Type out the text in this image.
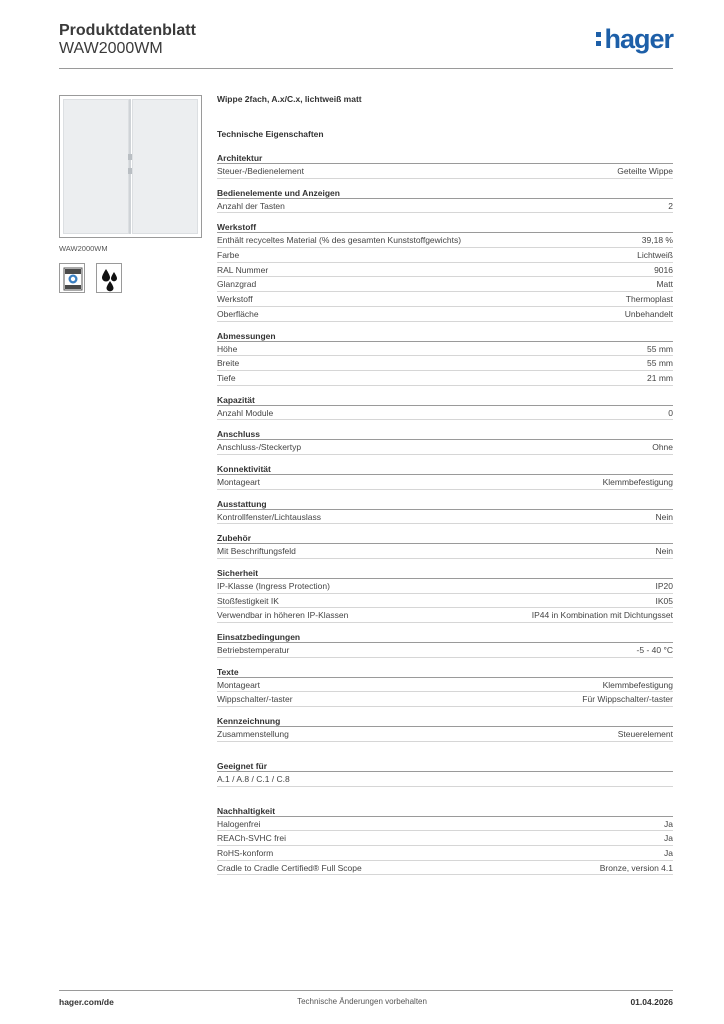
Produktdatenblatt
WAW2000WM	hager
WAW2000WM
Wippe 2fach, A.x/C.x, lichtweiß matt
Technische Eigenschaften
Architektur
Steuer-/Bedienelement	Geteilte Wippe
Bedienelemente und Anzeigen
Anzahl der Tasten	2
Werkstoff
Enthält recyceltes Material (% des gesamten Kunststoffgewichts)	39,18 %
Farbe	Lichtweiß
RAL Nummer	9016
Glanzgrad	Matt
Werkstoff	Thermoplast
Oberfläche	Unbehandelt
Abmessungen
Höhe	55 mm
Breite	55 mm
Tiefe	21 mm
Kapazität
Anzahl Module	0
Anschluss
Anschluss-/Steckertyp	Ohne
Konnektivität
Montageart	Klemmbefestigung
Ausstattung
Kontrollfenster/Lichtauslass	Nein
Zubehör
Mit Beschriftungsfeld	Nein
Sicherheit
IP-Klasse (Ingress Protection)	IP20
Stoßfestigkeit IK	IK05
Verwendbar in höheren IP-Klassen	IP44 in Kombination mit Dichtungsset
Einsatzbedingungen
Betriebstemperatur	-5 - 40 °C
Texte
Montageart	Klemmbefestigung
Wippschalter/-taster	Für Wippschalter/-taster
Kennzeichnung
Zusammenstellung	Steuerelement
Geeignet für
A.1 / A.8 / C.1 / C.8
Nachhaltigkeit
Halogenfrei	Ja
REACh-SVHC frei	Ja
RoHS-konform	Ja
Cradle to Cradle Certified® Full Scope	Bronze, version 4.1
hager.com/de	Technische Änderungen vorbehalten	01.04.2026
